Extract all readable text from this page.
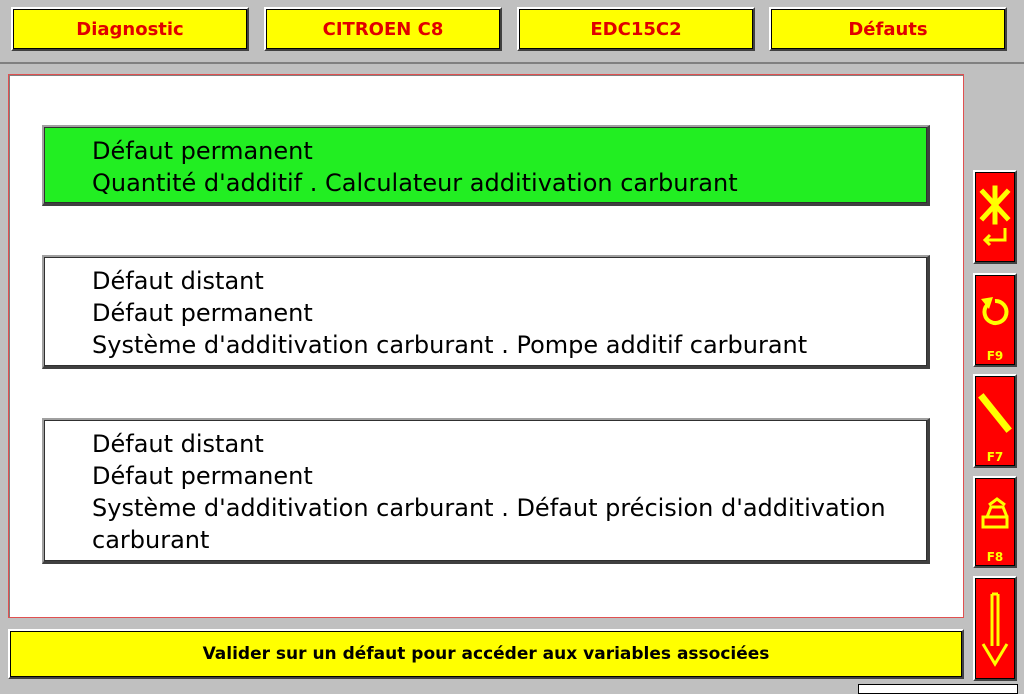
Diagnostic	CITROEN C8	EDC15C2	Défauts
Défaut permanent
Quantité d'additif . Calculateur additivation carburant
Défaut distant
Défaut permanent
Système d'additivation carburant . Pompe additif carburant
Défaut distant
Défaut permanent
Système d'additivation carburant . Défaut précision d'additivation carburant
F9
F7
F8
Valider sur un défaut pour accéder aux variables associées
